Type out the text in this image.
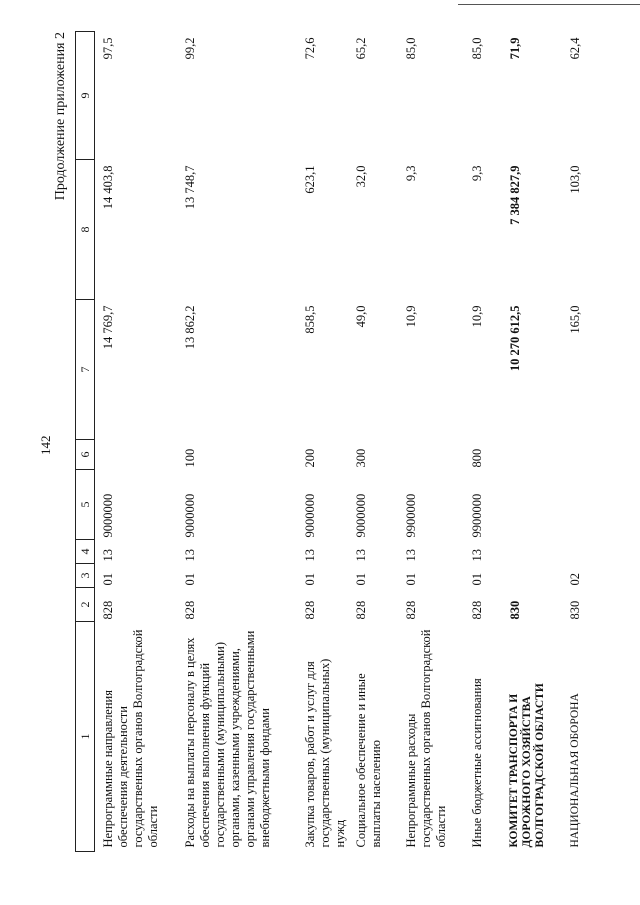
142
Продолжение приложения 2
1	2	3	4	5	6	7	8	9
Непрограммные направления обеспечения деятельности государственных органов Волгоградской области	828	01	13	9000000		14 769,7	14 403,8	97,5
Расходы на выплаты персоналу в целях обеспечения выполнения функций государственными (муниципальными) органами, казенными учреждениями, органами управления государственными внебюджетными фондами	828	01	13	9000000	100	13 862,2	13 748,7	99,2
Закупка товаров, работ и услуг для государственных (муниципальных) нужд	828	01	13	9000000	200	858,5	623,1	72,6
Социальное обеспечение и иные выплаты населению	828	01	13	9000000	300	49,0	32,0	65,2
Непрограммные расходы государственных органов Волгоградской области	828	01	13	9900000		10,9	9,3	85,0
Иные бюджетные ассигнования	828	01	13	9900000	800	10,9	9,3	85,0
КОМИТЕТ ТРАНСПОРТА И ДОРОЖНОГО ХОЗЯЙСТВА ВОЛГОГРАДСКОЙ ОБЛАСТИ	830					10 270 612,5	7 384 827,9	71,9
НАЦИОНАЛЬНАЯ ОБОРОНА	830	02				165,0	103,0	62,4
